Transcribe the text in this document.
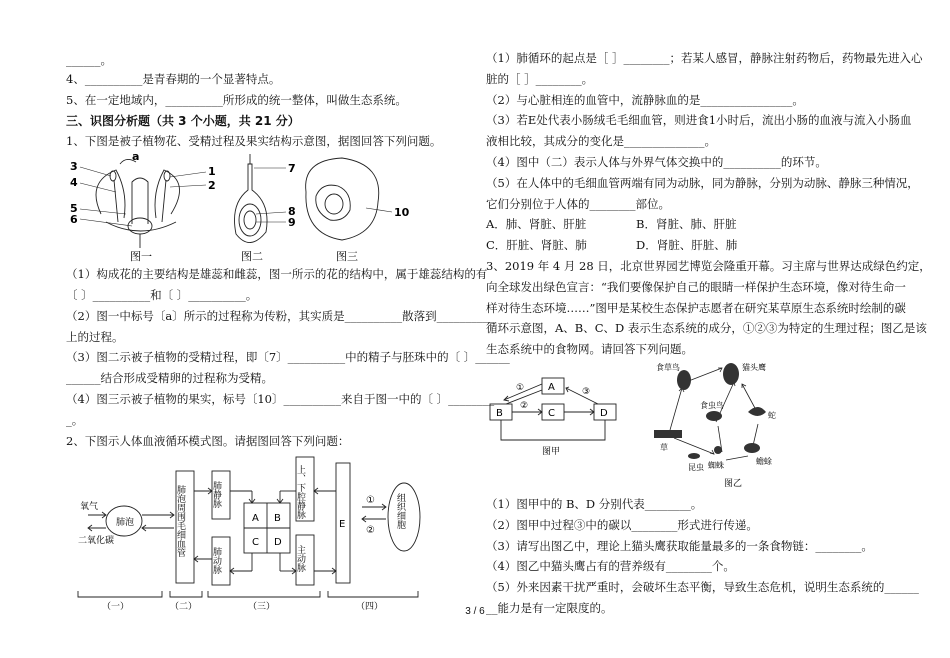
______。
4、__________是青春期的一个显著特点。
5、在一定地域内，__________所形成的统一整体，叫做生态系统。
三、识图分析题（共 3 个小题，共 21 分）
1、下图是被子植物花、受精过程及果实结构示意图，据图回答下列问题。
a
1
2
3
4
5
6
图一
7
8
9
图二
10
图三
（1）构成花的主要结构是雄蕊和雌蕊，图一所示的花的结构中，属于雄蕊结构的有
〔 〕__________和〔 〕__________。
（2）图一中标号〔a〕所示的过程称为传粉，其实质是__________散落到__________
上的过程。
（3）图二示被子植物的受精过程，即〔7〕__________中的精子与胚珠中的〔 〕______
______结合形成受精卵的过程称为受精。
（4）图三示被子植物的果实，标号〔10〕__________来自于图一中的〔 〕________
_。
2、下图示人体血液循环模式图。请据图回答下列问题：
氧气
二氧化碳
肺泡	肺泡周围毛细血管	肺静脉
肺动脉
A B
C D
上、下腔静脉
主动脉
E
①
②
组织细胞
（一）	（二）	（三）	（四）
（1）肺循环的起点是［ ］________；若某人感冒，静脉注射药物后，药物最先进入心
脏的［ ］________。
（2）与心脏相连的血管中，流静脉血的是________________。
（3）若E处代表小肠绒毛毛细血管，则进食1小时后，流出小肠的血液与流入小肠血
液相比较，其成分的变化是______________。
（4）图中（二）表示人体与外界气体交换中的__________的环节。
（5）在人体中的毛细血管两端有同为动脉，同为静脉，分别为动脉、静脉三种情况，
它们分别位于人体的________部位。
A．肺、肾脏、肝脏	B．肾脏、肺、肝脏
C．肝脏、肾脏、肺	D．肾脏、肝脏、肺
3、2019 年 4 月 28 日，北京世界园艺博览会隆重开幕。习主席与世界达成绿色约定，
向全球发出绿色宣言：“我们要像保护自己的眼睛一样保护生态环境，像对待生命一
样对待生态环境……”图甲是某校生态保护志愿者在研究某草原生态系统时绘制的碳
循环示意图，A、B、C、D 表示生态系统的成分，①②③为特定的生理过程；图乙是该
生态系统中的食物网。请回答下列问题。
A
B	C	D
①
②
③
图甲
食草鸟	猫头鹰
食虫鸟
蛇
草
蜘蛛	蟾蜍
昆虫
图乙
（1）图甲中的 B、D 分别代表________。
（2）图甲中过程③中的碳以________形式进行传递。
（3）请写出图乙中，理论上猫头鹰获取能量最多的一条食物链：________。
（4）图乙中猫头鹰占有的营养级有________个。
（5）外来因素干扰严重时，会破坏生态平衡，导致生态危机，说明生态系统的______
__能力是有一定限度的。
3 / 6
